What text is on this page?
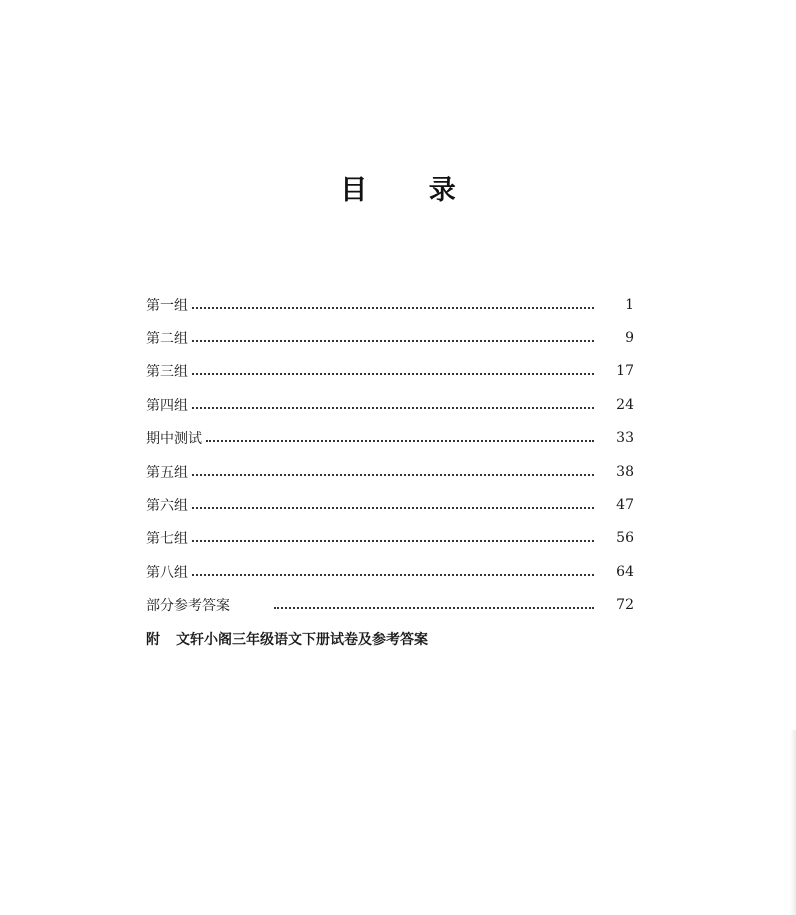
目 录
第一组	1
第二组	9
第三组	17
第四组	24
期中测试	33
第五组	38
第六组	47
第七组	56
第八组	64
部分参考答案	72
附 文轩小阁三年级语文下册试卷及参考答案
